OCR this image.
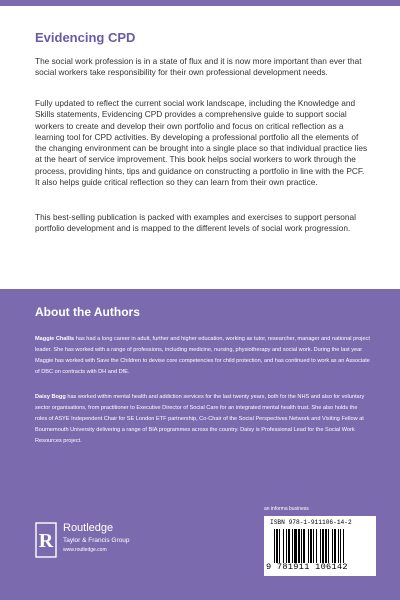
Evidencing CPD
The social work profession is in a state of flux and it is now more important than ever that social workers take responsibility for their own professional development needs.
Fully updated to reflect the current social work landscape, including the Knowledge and Skills statements, Evidencing CPD provides a comprehensive guide to support social workers to create and develop their own portfolio and focus on critical reflection as a learning tool for CPD activities. By developing a professional portfolio all the elements of the changing environment can be brought into a single place so that individual practice lies at the heart of service improvement. This book helps social workers to work through the process, providing hints, tips and guidance on constructing a portfolio in line with the PCF. It also helps guide critical reflection so they can learn from their own practice.
This best-selling publication is packed with examples and exercises to support personal portfolio development and is mapped to the different levels of social work progression.
About the Authors
Maggie Challis has had a long career in adult, further and higher education, working as tutor, researcher, manager and national project leader. She has worked with a range of professions, including medicine, nursing, physiotherapy and social work. During the last year Maggie has worked with Save the Children to devise core competencies for child protection, and has continued to work as an Associate of DBC on contracts with DH and DfE.
Daisy Bogg has worked within mental health and addiction services for the last twenty years, both for the NHS and also for voluntary sector organisations, from practitioner to Executive Director of Social Care for an integrated mental health trust. She also holds the roles of ASYE Independent Chair for SE London ETF partnership, Co-Chair of the Social Perspectives Network and Visiting Fellow at Bournemouth University delivering a range of BIA programmes across the country. Daisy is Professional Lead for the Social Work Resources project.
R
Routledge
Taylor & Francis Group
www.routledge.com
an informa business
ISBN 978-1-911106-14-2
9 781911 106142
